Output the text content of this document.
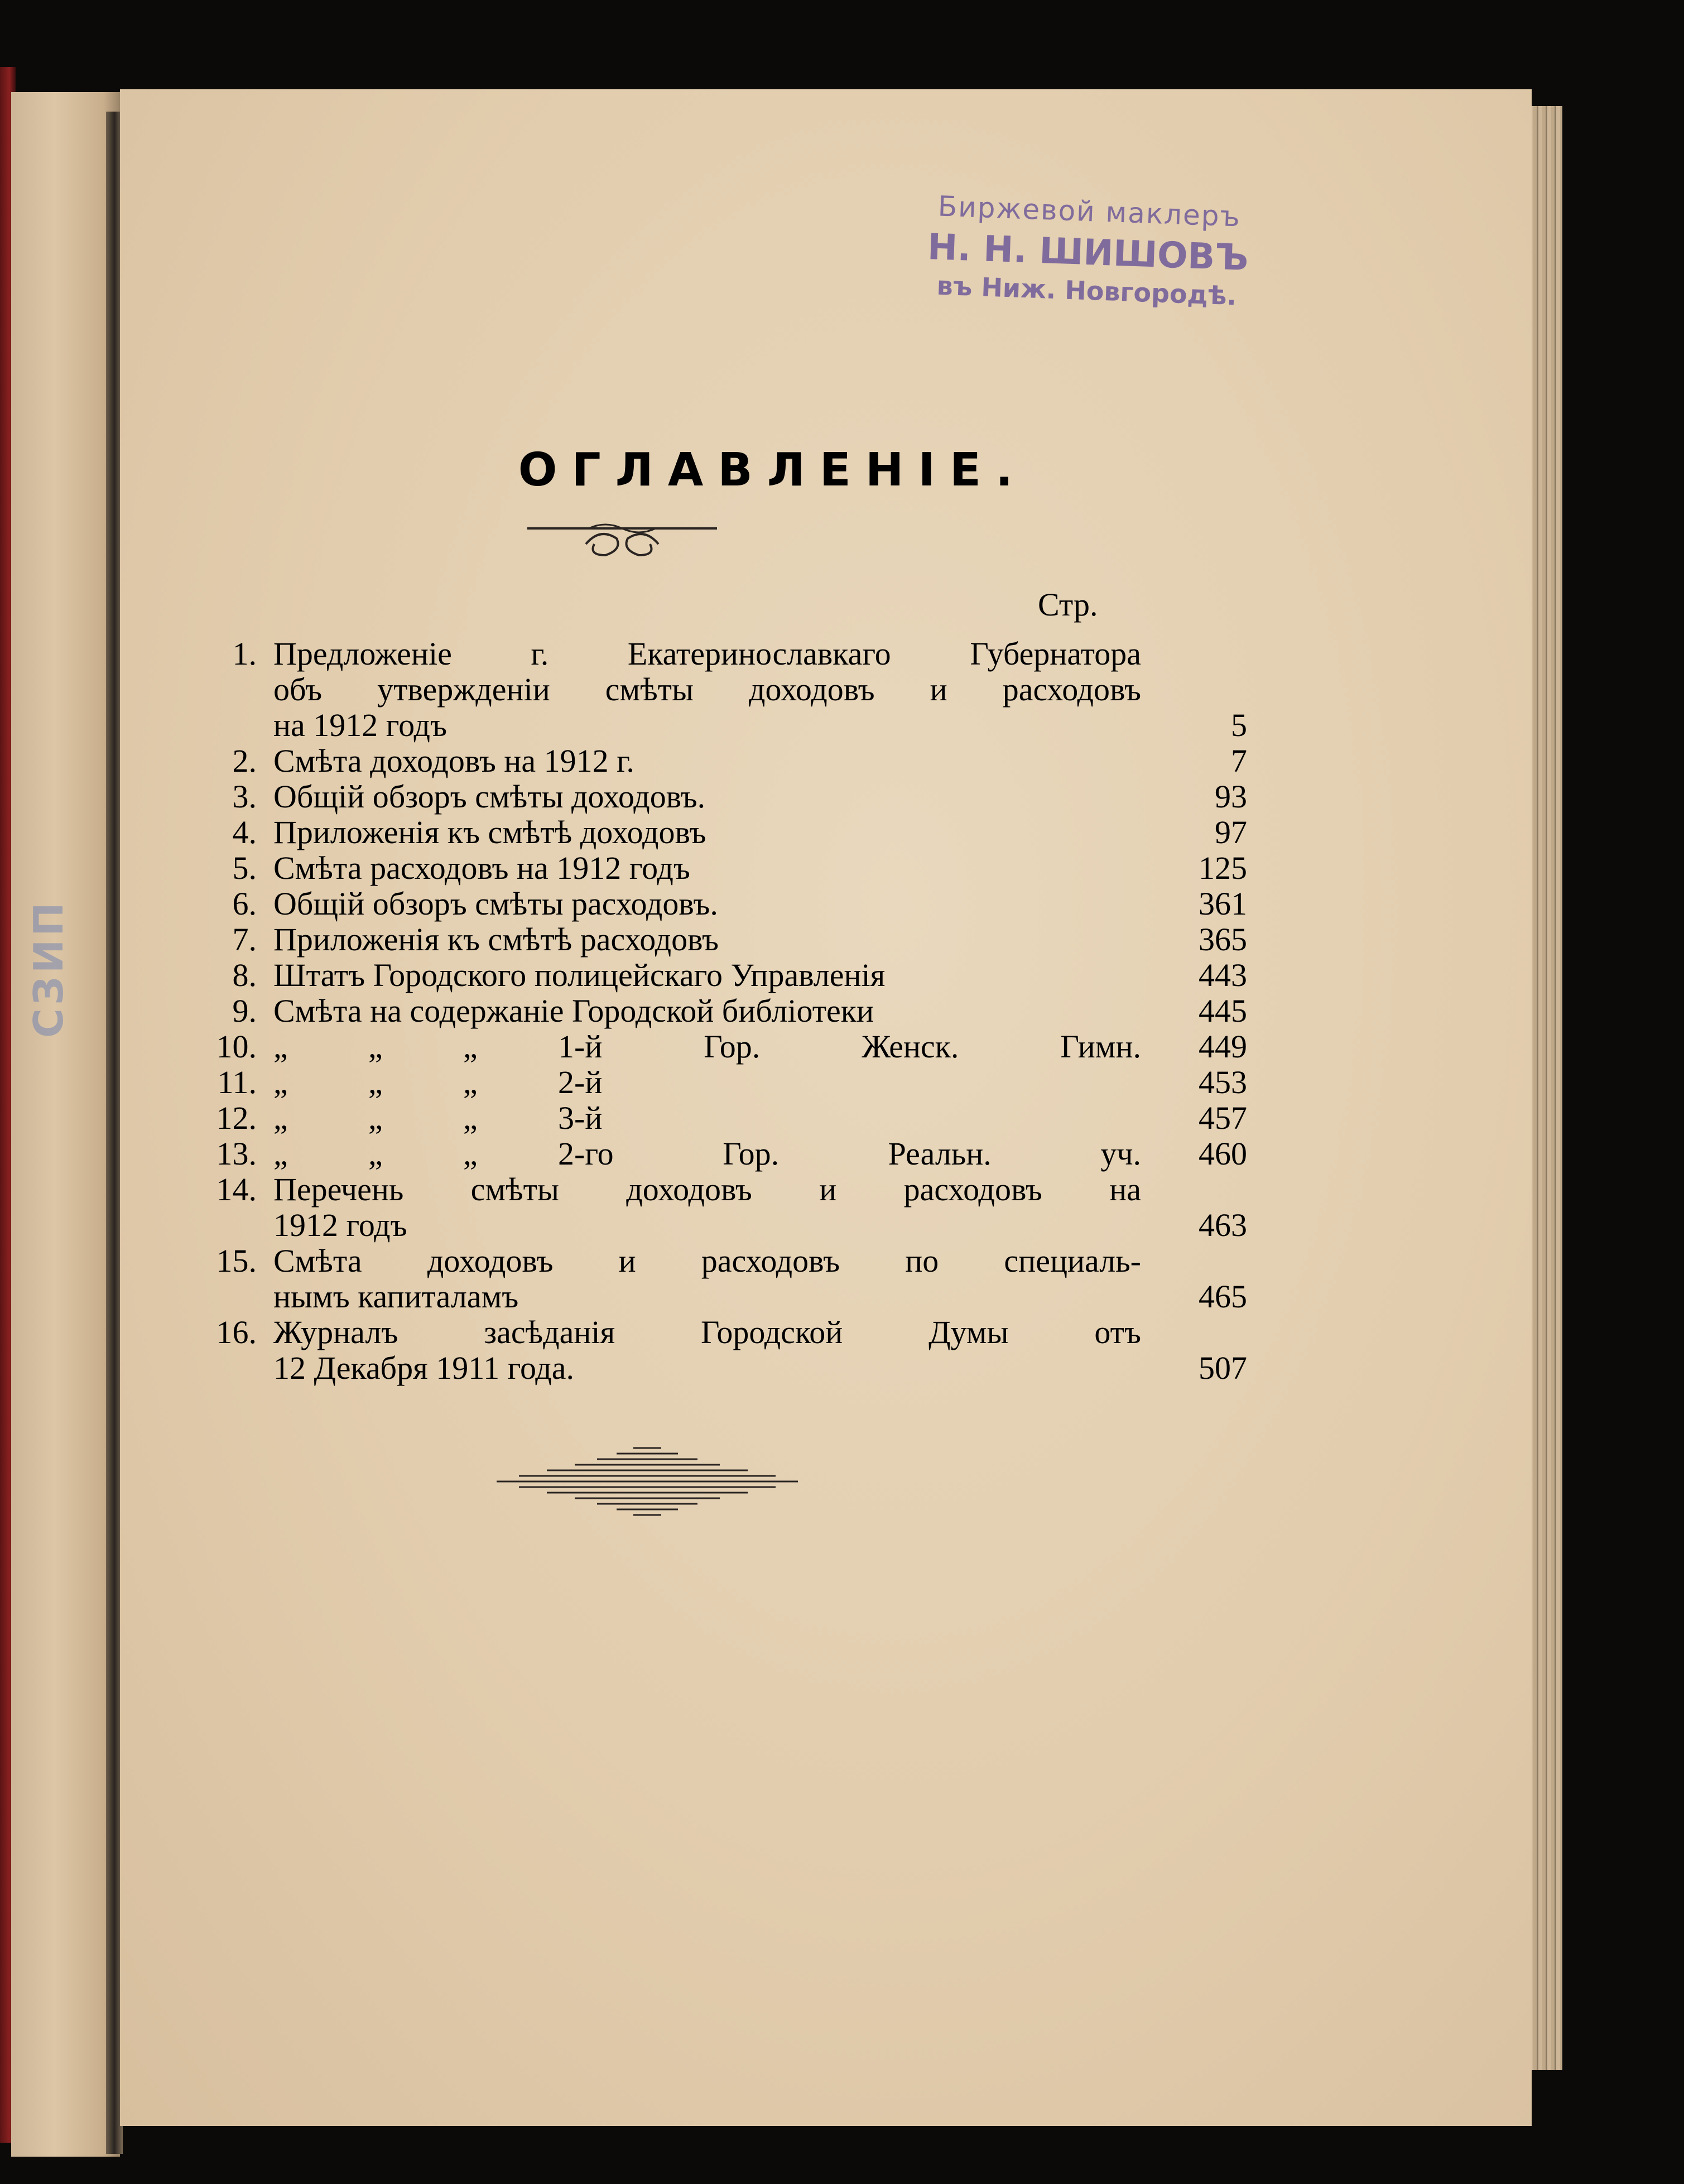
СЗИП
Биржевой маклеръ
Н. Н. ШИШОВЪ
въ Ниж. Новгородѣ.
ОГЛАВЛЕНІЕ.
Стр.
1. Предложеніе г. Екатеринославкаго Губернатора
объ утвержденіи смѣты доходовъ и расходовъ
на 1912 годъ	5
2. Смѣта доходовъ на 1912 г.	7
3. Общій обзоръ смѣты доходовъ.	93
4. Приложенія къ смѣтѣ доходовъ	97
5. Смѣта расходовъ на 1912 годъ	125
6. Общій обзоръ смѣты расходовъ.	361
7. Приложенія къ смѣтѣ расходовъ	365
8. Штатъ Городского полицейскаго Управленія	443
9. Смѣта на содержаніе Городской библіотеки	445
10. „ „ „ 1-й Гор. Женск. Гимн.	449
11. „ „ „ 2-й	453
12. „ „ „ 3-й	457
13. „ „ „ 2-го Гор. Реальн. уч.	460
14. Перечень смѣты доходовъ и расходовъ на
1912 годъ	463
15. Смѣта доходовъ и расходовъ по специаль-
нымъ капиталамъ	465
16. Журналъ засѣданія Городской Думы отъ
12 Декабря 1911 года.	507
